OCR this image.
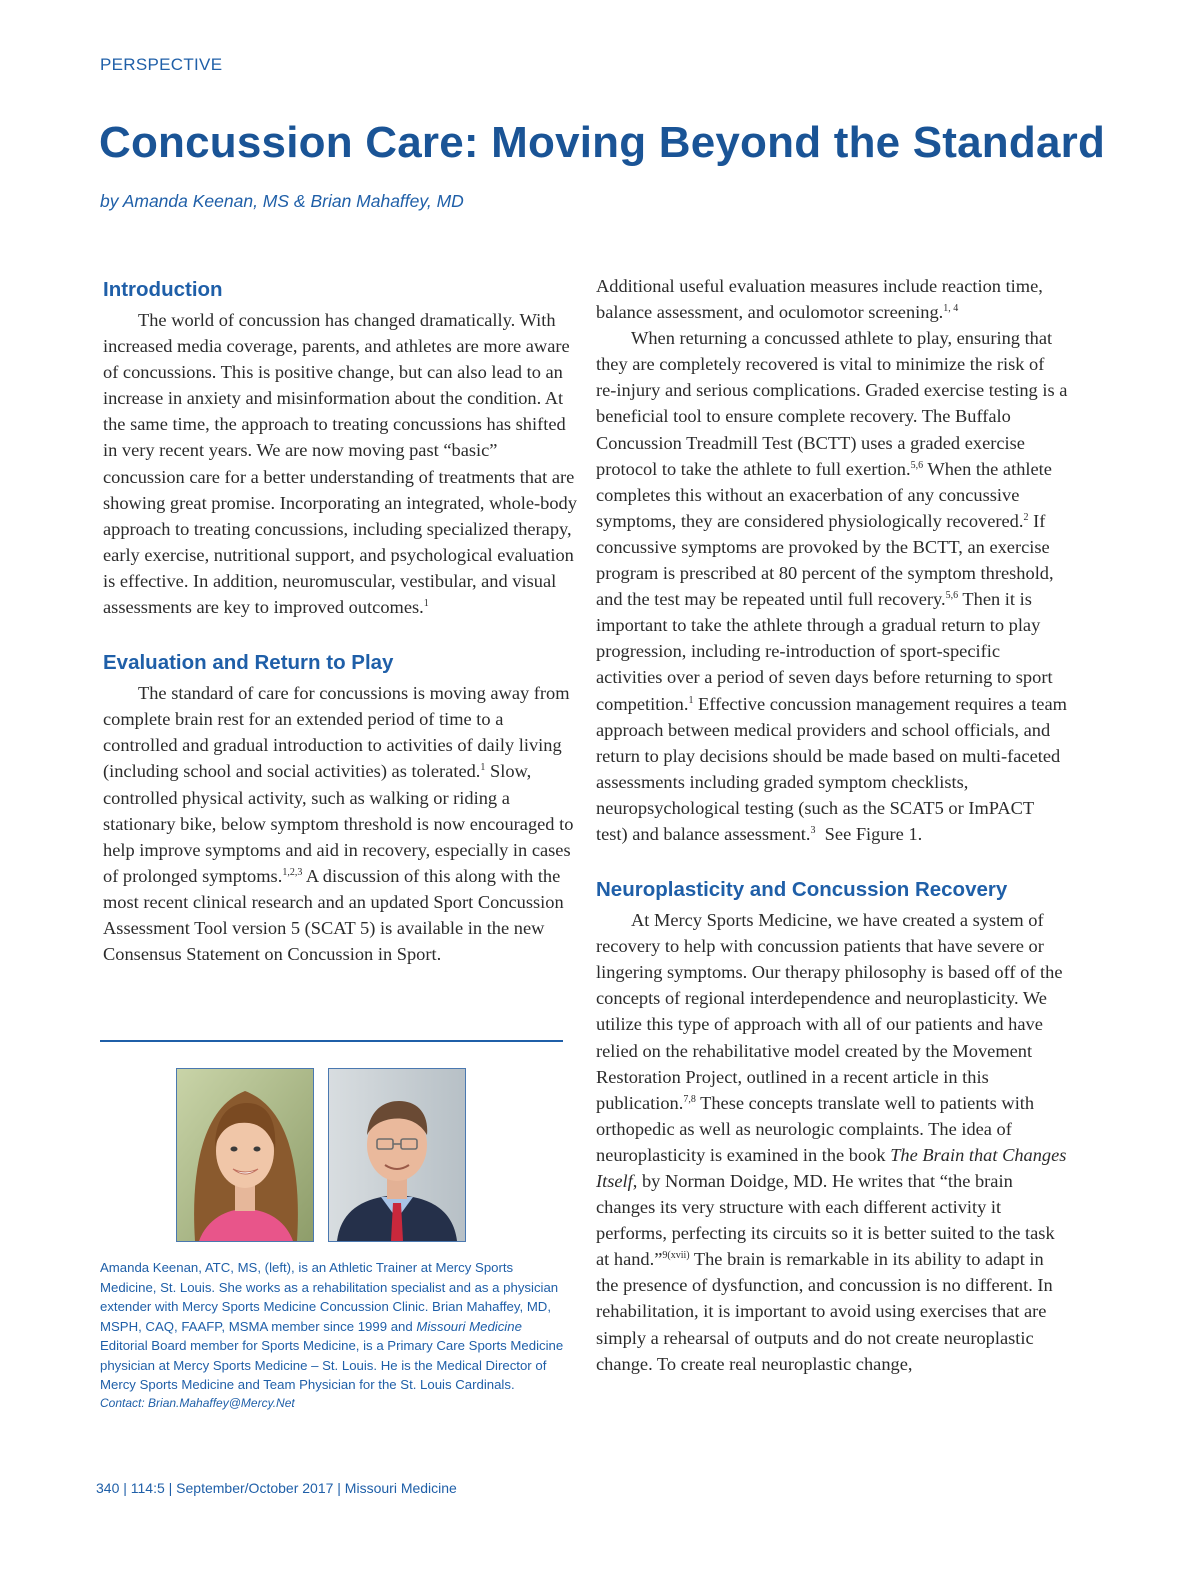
PERSPECTIVE
Concussion Care: Moving Beyond the Standard
by Amanda Keenan, MS & Brian Mahaffey, MD
Introduction

The world of concussion has changed dramatically. With increased media coverage, parents, and athletes are more aware of concussions. This is positive change, but can also lead to an increase in anxiety and misinformation about the condition. At the same time, the approach to treating concussions has shifted in very recent years. We are now moving past “basic” concussion care for a better understanding of treatments that are showing great promise. Incorporating an integrated, whole-body approach to treating concussions, including specialized therapy, early exercise, nutritional support, and psychological evaluation is effective. In addition, neuromuscular, vestibular, and visual assessments are key to improved outcomes.$^1$

Evaluation and Return to Play

The standard of care for concussions is moving away from complete brain rest for an extended period of time to a controlled and gradual introduction to activities of daily living (including school and social activities) as tolerated.$^1$ Slow, controlled physical activity, such as walking or riding a stationary bike, below symptom threshold is now encouraged to help improve symptoms and aid in recovery, especially in cases of prolonged symptoms.$^{1,2,3}$ A discussion of this along with the most recent clinical research and an updated Sport Concussion Assessment Tool version 5 (SCAT 5) is available in the new Consensus Statement on Concussion in Sport.

Additional useful evaluation measures include reaction time, balance assessment, and oculomotor screening.$^{1, 4}$

When returning a concussed athlete to play, ensuring that they are completely recovered is vital to minimize the risk of re-injury and serious complications. Graded exercise testing is a beneficial tool to ensure complete recovery. The Buffalo Concussion Treadmill Test (BCTT) uses a graded exercise protocol to take the athlete to full exertion.$^{5,6}$ When the athlete completes this without an exacerbation of any concussive symptoms, they are considered physiologically recovered.$^2$ If concussive symptoms are provoked by the BCTT, an exercise program is prescribed at 80 percent of the symptom threshold, and the test may be repeated until full recovery.$^{5,6}$ Then it is important to take the athlete through a gradual return to play progression, including re-introduction of sport-specific activities over a period of seven days before returning to sport competition.$^1$ Effective concussion management requires a team approach between medical providers and school officials, and return to play decisions should be made based on multi-faceted assessments including graded symptom checklists, neuropsychological testing (such as the SCAT5 or ImPACT test) and balance assessment.$^3$  See Figure 1.

Neuroplasticity and Concussion Recovery

At Mercy Sports Medicine, we have created a system of recovery to help with concussion patients that have severe or lingering symptoms. Our therapy philosophy is based off of the concepts of regional interdependence and neuroplasticity. We utilize this type of approach with all of our patients and have relied on the rehabilitative model created by the Movement Restoration Project, outlined in a recent article in this publication.$^{7,8}$ These concepts translate well to patients with orthopedic as well as neurologic complaints. The idea of neuroplasticity is examined in the book The Brain that Changes Itself, by Norman Doidge, MD. He writes that “the brain changes its very structure with each different activity it performs, perfecting its circuits so it is better suited to the task at hand.”$^{9(xvii)}$ The brain is remarkable in its ability to adapt in the presence of dysfunction, and concussion is no different. In rehabilitation, it is important to avoid using exercises that are simply a rehearsal of outputs and do not create neuroplastic change. To create real neuroplastic change,

Amanda Keenan, ATC, MS, (left), is an Athletic Trainer at Mercy Sports Medicine, St. Louis. She works as a rehabilitation specialist and as a physician extender with Mercy Sports Medicine Concussion Clinic. Brian Mahaffey, MD, MSPH, CAQ, FAAFP, MSMA member since 1999 and Missouri Medicine Editorial Board member for Sports Medicine, is a Primary Care Sports Medicine physician at Mercy Sports Medicine – St. Louis. He is the Medical Director of Mercy Sports Medicine and Team Physician for the St. Louis Cardinals.

Contact: Brian.Mahaffey@Mercy.Net

340 | 114:5 | September/October 2017 | Missouri Medicine
